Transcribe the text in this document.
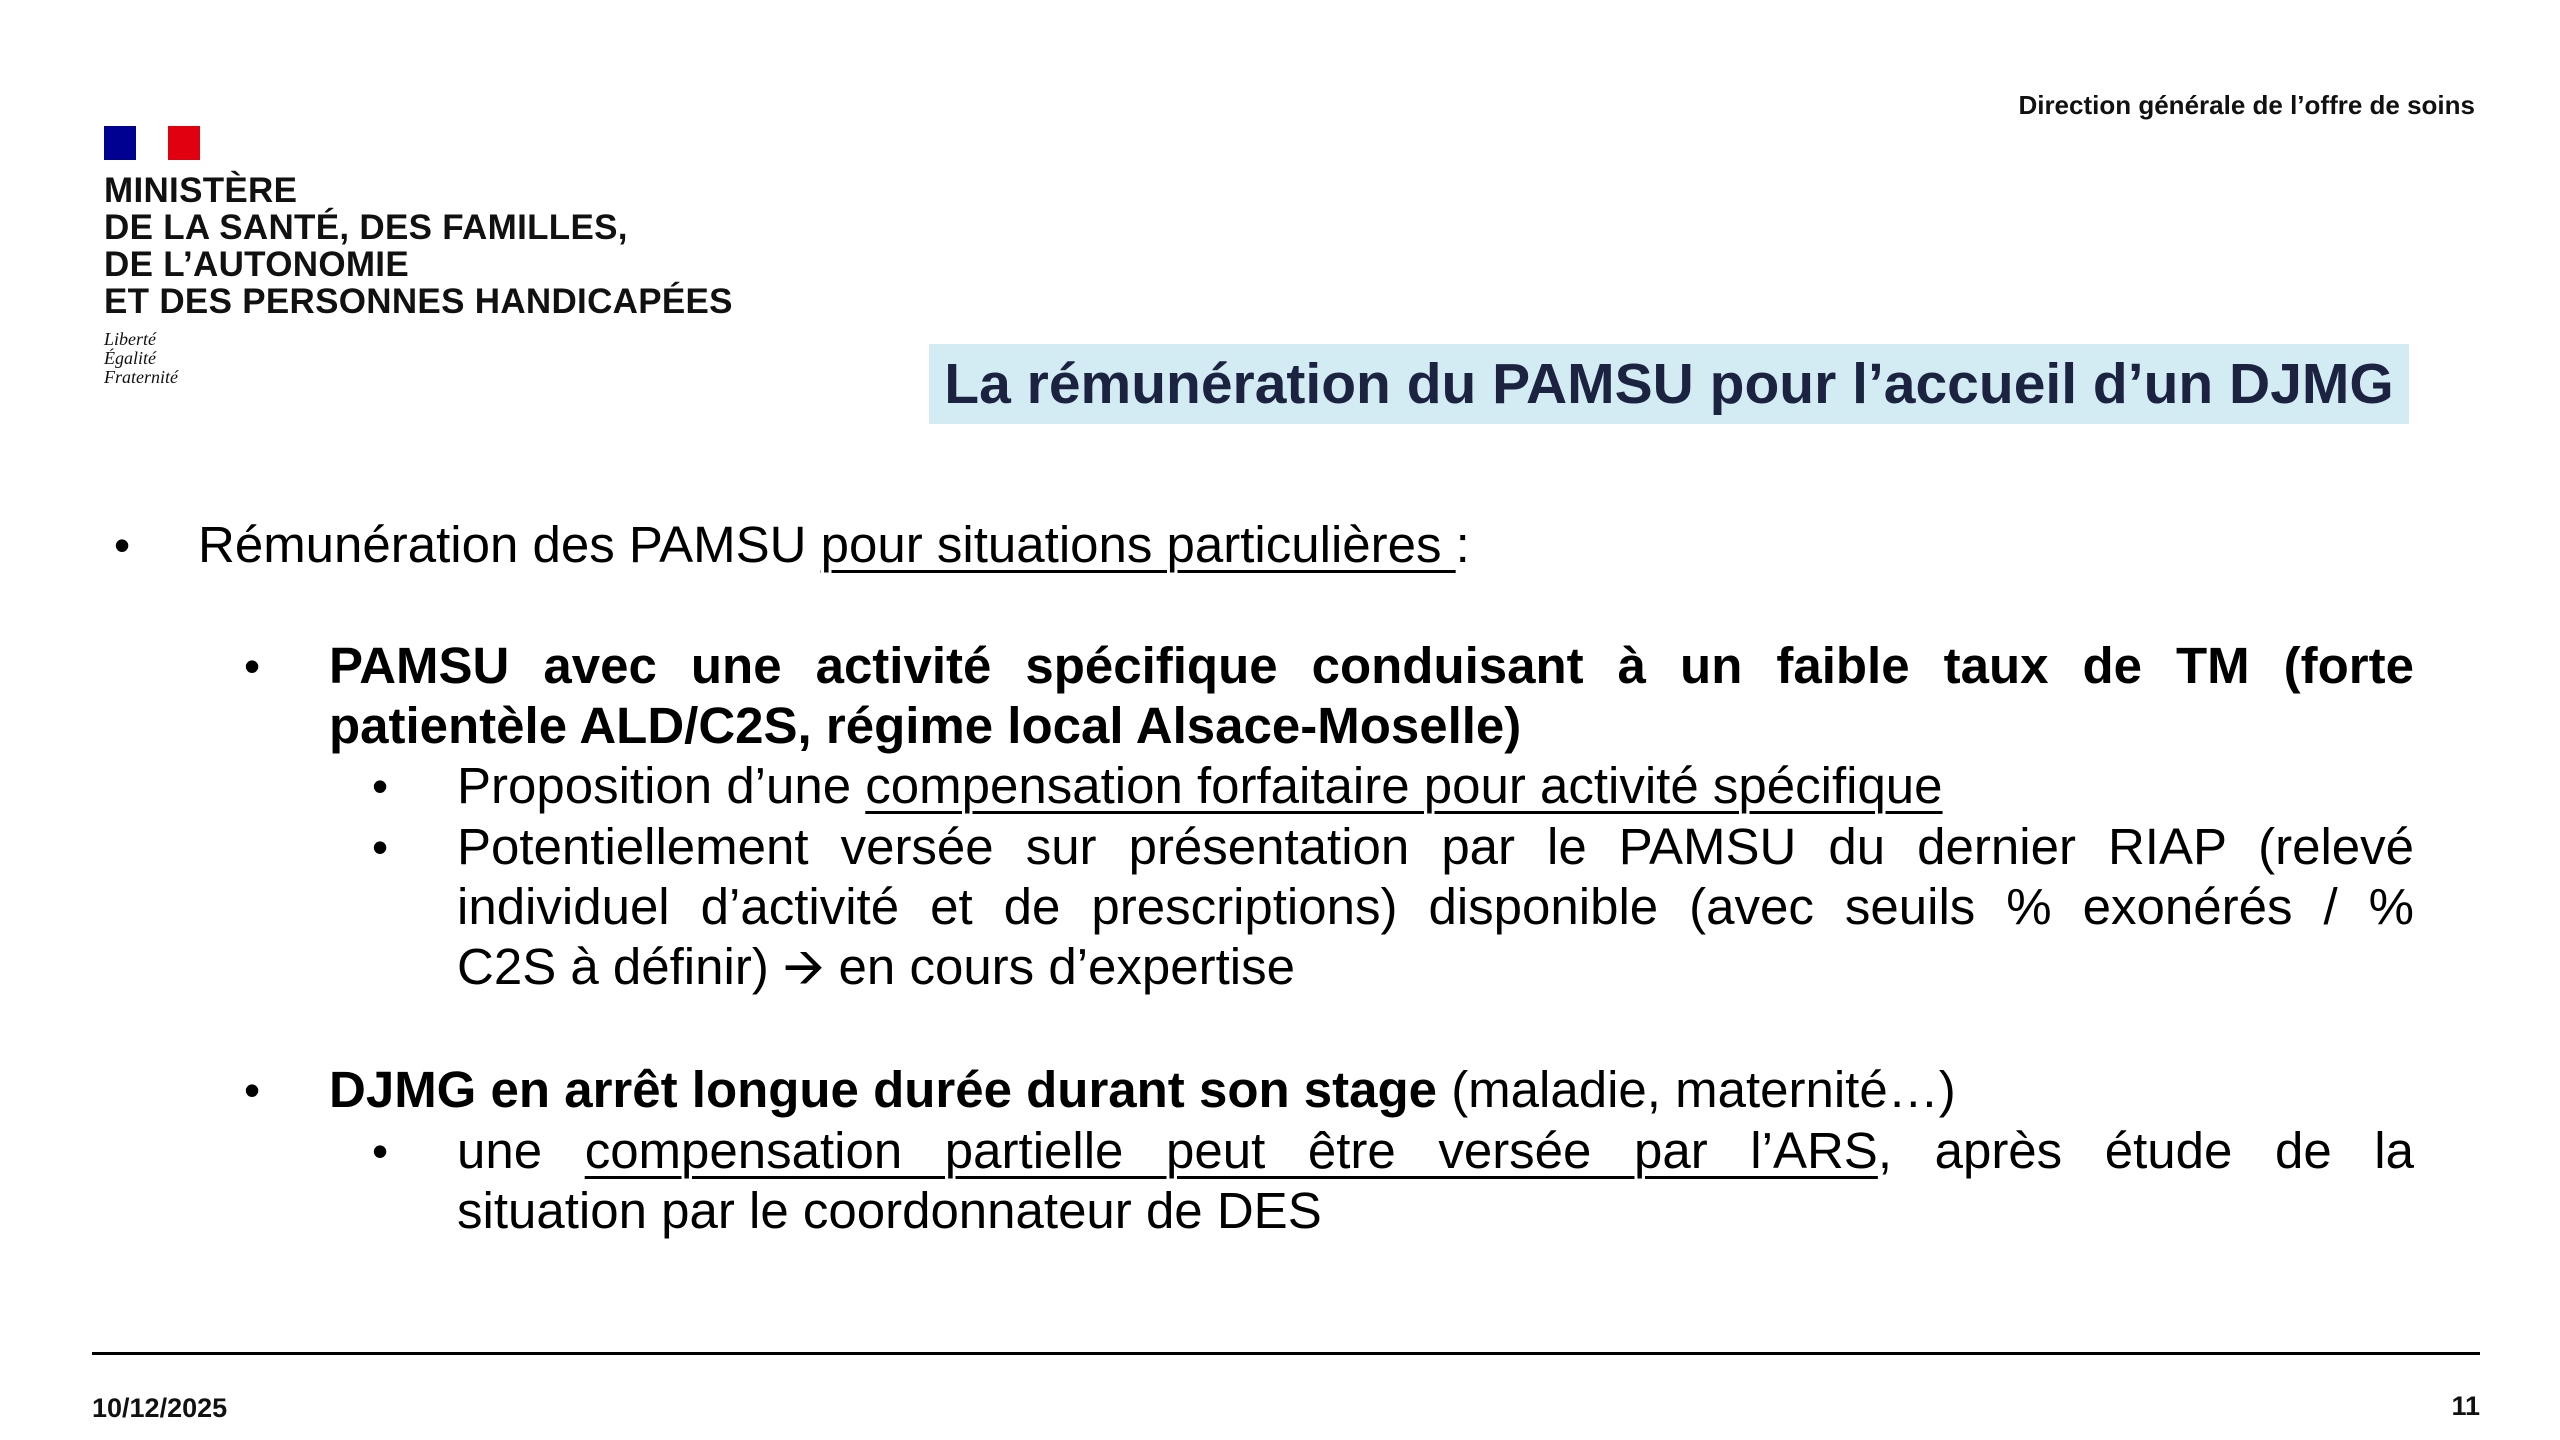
MINISTÈRE
DE LA SANTÉ, DES FAMILLES,
DE L’AUTONOMIE
ET DES PERSONNES HANDICAPÉES
Liberté
Égalité
Fraternité
Direction générale de l’offre de soins
La rémunération du PAMSU pour l’accueil d’un DJMG
• Rémunération des PAMSU pour situations particulières :
• PAMSU avec une activité spécifique conduisant à un faible taux de TM (forte
patientèle ALD/C2S, régime local Alsace-Moselle)
• Proposition d’une compensation forfaitaire pour activité spécifique
• Potentiellement versée sur présentation par le PAMSU du dernier RIAP (relevé
individuel d’activité et de prescriptions) disponible (avec seuils % exonérés / %
C2S à définir) 🡪 en cours d’expertise
• DJMG en arrêt longue durée durant son stage (maladie, maternité…)
• une compensation partielle peut être versée par l’ARS, après étude de la
situation par le coordonnateur de DES
10/12/2025	11
